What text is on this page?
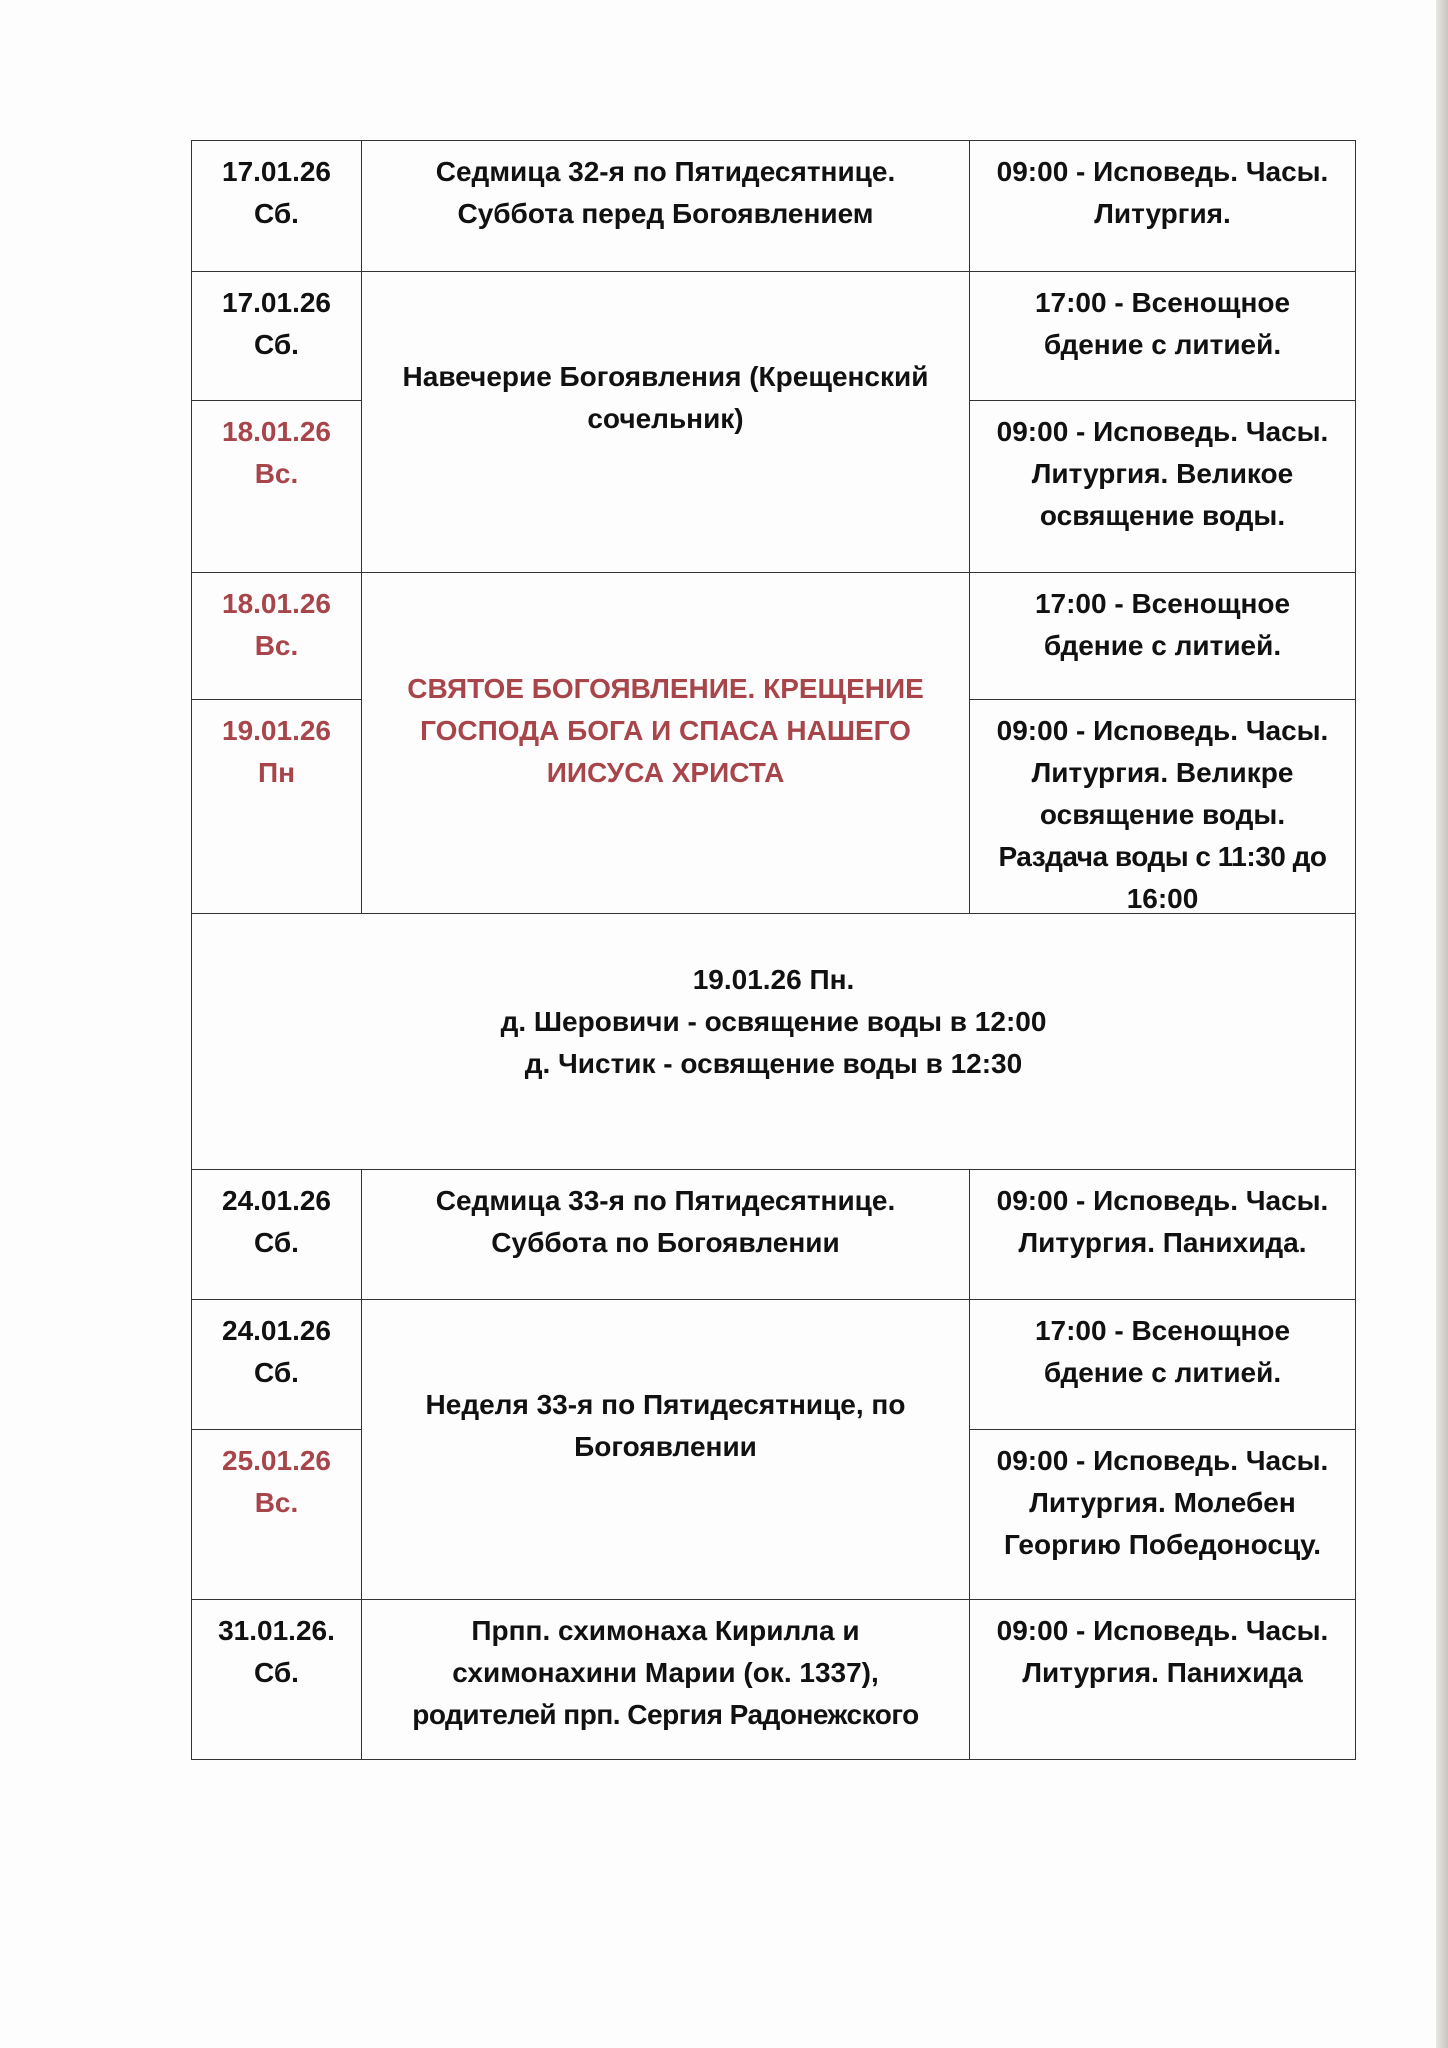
17.01.26
Сб.
Седмица 32-я по Пятидесятнице.
Суббота перед Богоявлением
09:00 - Исповедь. Часы.
Литургия.
17.01.26
Сб.
18.01.26
Вс.
Навечерие Богоявления (Крещенский
сочельник)
17:00 - Всенощное
бдение с литией.
09:00 - Исповедь. Часы.
Литургия. Великое
освящение воды.
18.01.26
Вс.
19.01.26
Пн
СВЯТОЕ БОГОЯВЛЕНИЕ. КРЕЩЕНИЕ
ГОСПОДА БОГА И СПАСА НАШЕГО
ИИСУСА ХРИСТА
17:00 - Всенощное
бдение с литией.
09:00 - Исповедь. Часы.
Литургия. Великре
освящение воды.
Раздача воды с 11:30 до
16:00
19.01.26 Пн.
д. Шеровичи - освящение воды в 12:00
д. Чистик - освящение воды в 12:30
24.01.26
Сб.
Седмица 33-я по Пятидесятнице.
Суббота по Богоявлении
09:00 - Исповедь. Часы.
Литургия. Панихида.
24.01.26
Сб.
25.01.26
Вс.
Неделя 33-я по Пятидесятнице, по
Богоявлении
17:00 - Всенощное
бдение с литией.
09:00 - Исповедь. Часы.
Литургия. Молебен
Георгию Победоносцу.
31.01.26.
Сб.
Прпп. схимонаха Кирилла и
схимонахини Марии (ок. 1337),
родителей прп. Сергия Радонежского
09:00 - Исповедь. Часы.
Литургия. Панихида
